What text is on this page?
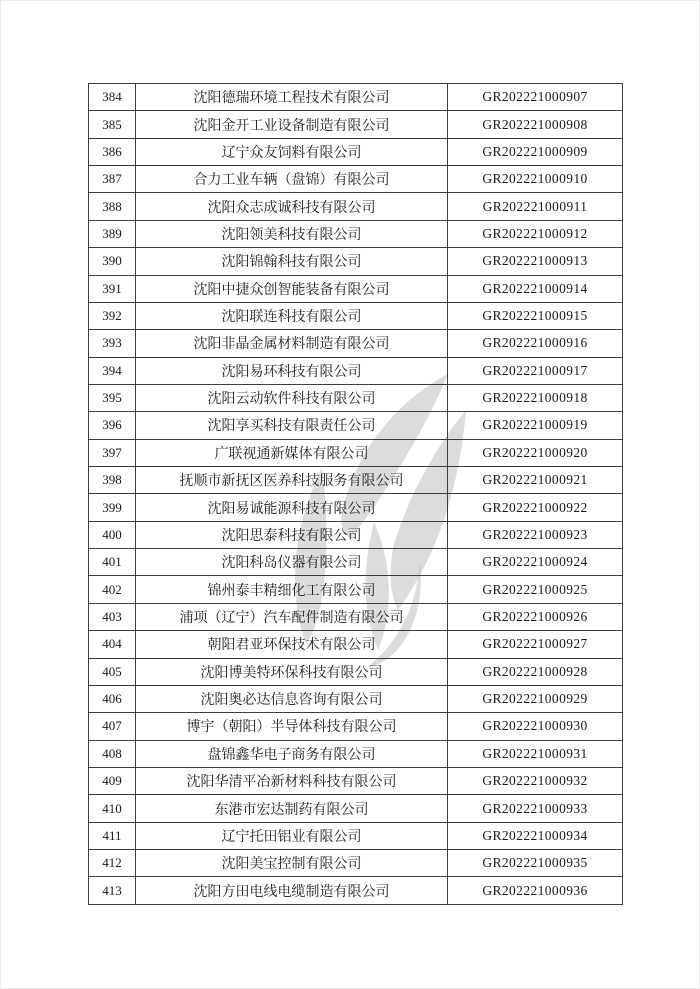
384	沈阳德瑞环境工程技术有限公司	GR202221000907
385	沈阳金开工业设备制造有限公司	GR202221000908
386	辽宁众友饲料有限公司	GR202221000909
387	合力工业车辆（盘锦）有限公司	GR202221000910
388	沈阳众志成诚科技有限公司	GR202221000911
389	沈阳领美科技有限公司	GR202221000912
390	沈阳锦翰科技有限公司	GR202221000913
391	沈阳中捷众创智能装备有限公司	GR202221000914
392	沈阳联连科技有限公司	GR202221000915
393	沈阳非晶金属材料制造有限公司	GR202221000916
394	沈阳易环科技有限公司	GR202221000917
395	沈阳云动软件科技有限公司	GR202221000918
396	沈阳享买科技有限责任公司	GR202221000919
397	广联视通新媒体有限公司	GR202221000920
398	抚顺市新抚区医养科技服务有限公司	GR202221000921
399	沈阳易诚能源科技有限公司	GR202221000922
400	沈阳思泰科技有限公司	GR202221000923
401	沈阳科岛仪器有限公司	GR202221000924
402	锦州泰丰精细化工有限公司	GR202221000925
403	浦项（辽宁）汽车配件制造有限公司	GR202221000926
404	朝阳君亚环保技术有限公司	GR202221000927
405	沈阳博美特环保科技有限公司	GR202221000928
406	沈阳奥必达信息咨询有限公司	GR202221000929
407	博宇（朝阳）半导体科技有限公司	GR202221000930
408	盘锦鑫华电子商务有限公司	GR202221000931
409	沈阳华清平冶新材料科技有限公司	GR202221000932
410	东港市宏达制药有限公司	GR202221000933
411	辽宁托田铝业有限公司	GR202221000934
412	沈阳美宝控制有限公司	GR202221000935
413	沈阳方田电线电缆制造有限公司	GR202221000936
